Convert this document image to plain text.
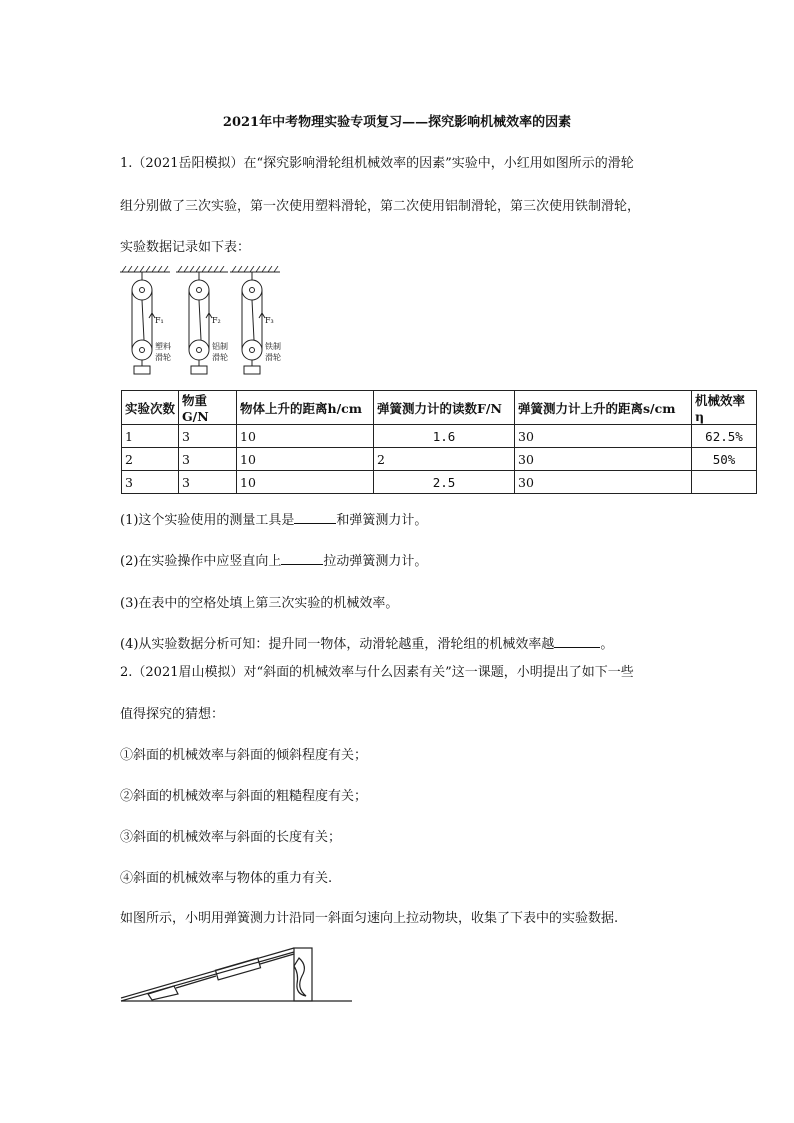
2021年中考物理实验专项复习——探究影响机械效率的因素
1.（2021岳阳模拟）在“探究影响滑轮组机械效率的因素”实验中，小红用如图所示的滑轮
组分别做了三次实验，第一次使用塑料滑轮，第二次使用铝制滑轮，第三次使用铁制滑轮，
实验数据记录如下表：
F₁	F₂	F₃
塑料
滑轮
铝制
滑轮
铁制
滑轮
实验次数	物重G/N	物体上升的距离h/cm	弹簧测力计的读数F/N	弹簧测力计上升的距离s/cm	机械效率η
1	3	10	1.6	30	62.5%
2	3	10	2	30	50%
3	3	10	2.5	30	
(1)这个实验使用的测量工具是	和弹簧测力计。
(2)在实验操作中应竖直向上	拉动弹簧测力计。
(3)在表中的空格处填上第三次实验的机械效率。
(4)从实验数据分析可知：提升同一物体，动滑轮越重，滑轮组的机械效率越	。
2.（2021眉山模拟）对“斜面的机械效率与什么因素有关”这一课题，小明提出了如下一些
值得探究的猜想：
①斜面的机械效率与斜面的倾斜程度有关；
②斜面的机械效率与斜面的粗糙程度有关；
③斜面的机械效率与斜面的长度有关；
④斜面的机械效率与物体的重力有关.
如图所示，小明用弹簧测力计沿同一斜面匀速向上拉动物块，收集了下表中的实验数据.
